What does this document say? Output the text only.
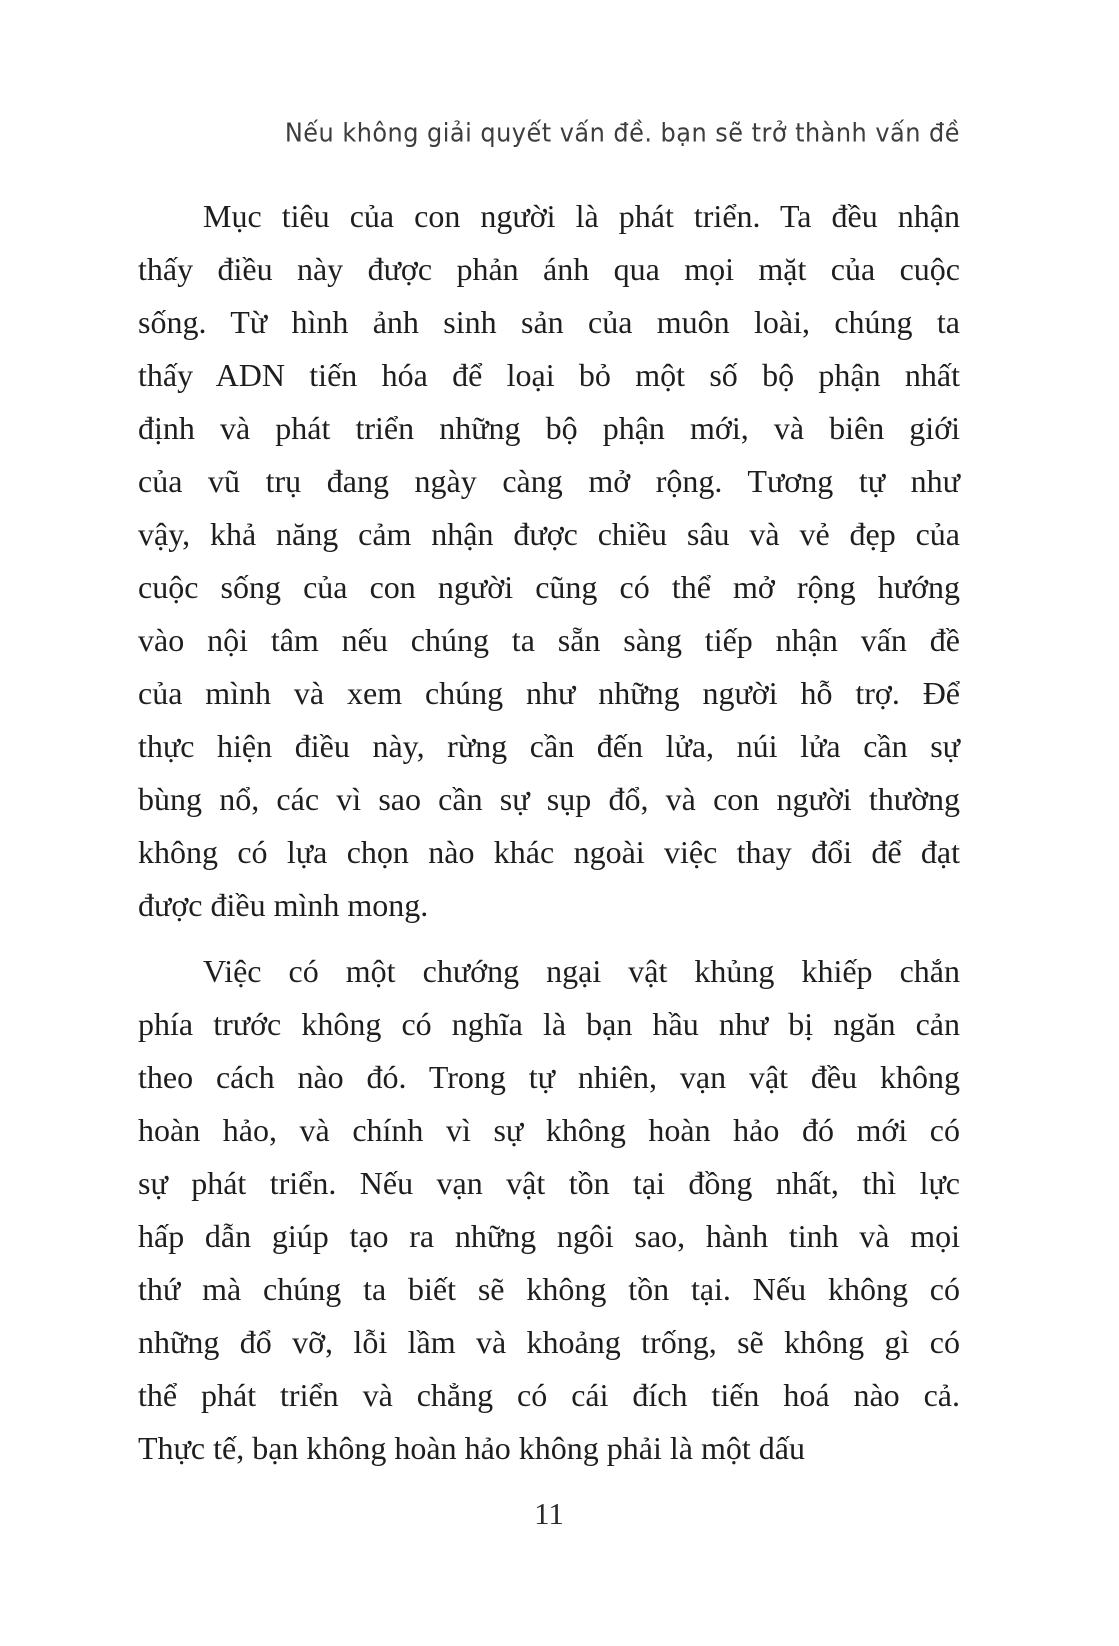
Nếu không giải quyết vấn đề. bạn sẽ trở thành vấn đề
Mục tiêu của con người là phát triển. Ta đều nhận
thấy điều này được phản ánh qua mọi mặt của cuộc
sống. Từ hình ảnh sinh sản của muôn loài, chúng ta
thấy ADN tiến hóa để loại bỏ một số bộ phận nhất
định và phát triển những bộ phận mới, và biên giới
của vũ trụ đang ngày càng mở rộng. Tương tự như
vậy, khả năng cảm nhận được chiều sâu và vẻ đẹp của
cuộc sống của con người cũng có thể mở rộng hướng
vào nội tâm nếu chúng ta sẵn sàng tiếp nhận vấn đề
của mình và xem chúng như những người hỗ trợ. Để
thực hiện điều này, rừng cần đến lửa, núi lửa cần sự
bùng nổ, các vì sao cần sự sụp đổ, và con người thường
không có lựa chọn nào khác ngoài việc thay đổi để đạt
được điều mình mong.
Việc có một chướng ngại vật khủng khiếp chắn
phía trước không có nghĩa là bạn hầu như bị ngăn cản
theo cách nào đó. Trong tự nhiên, vạn vật đều không
hoàn hảo, và chính vì sự không hoàn hảo đó mới có
sự phát triển. Nếu vạn vật tồn tại đồng nhất, thì lực
hấp dẫn giúp tạo ra những ngôi sao, hành tinh và mọi
thứ mà chúng ta biết sẽ không tồn tại. Nếu không có
những đổ vỡ, lỗi lầm và khoảng trống, sẽ không gì có
thể phát triển và chẳng có cái đích tiến hoá nào cả.
Thực tế, bạn không hoàn hảo không phải là một dấu
11
